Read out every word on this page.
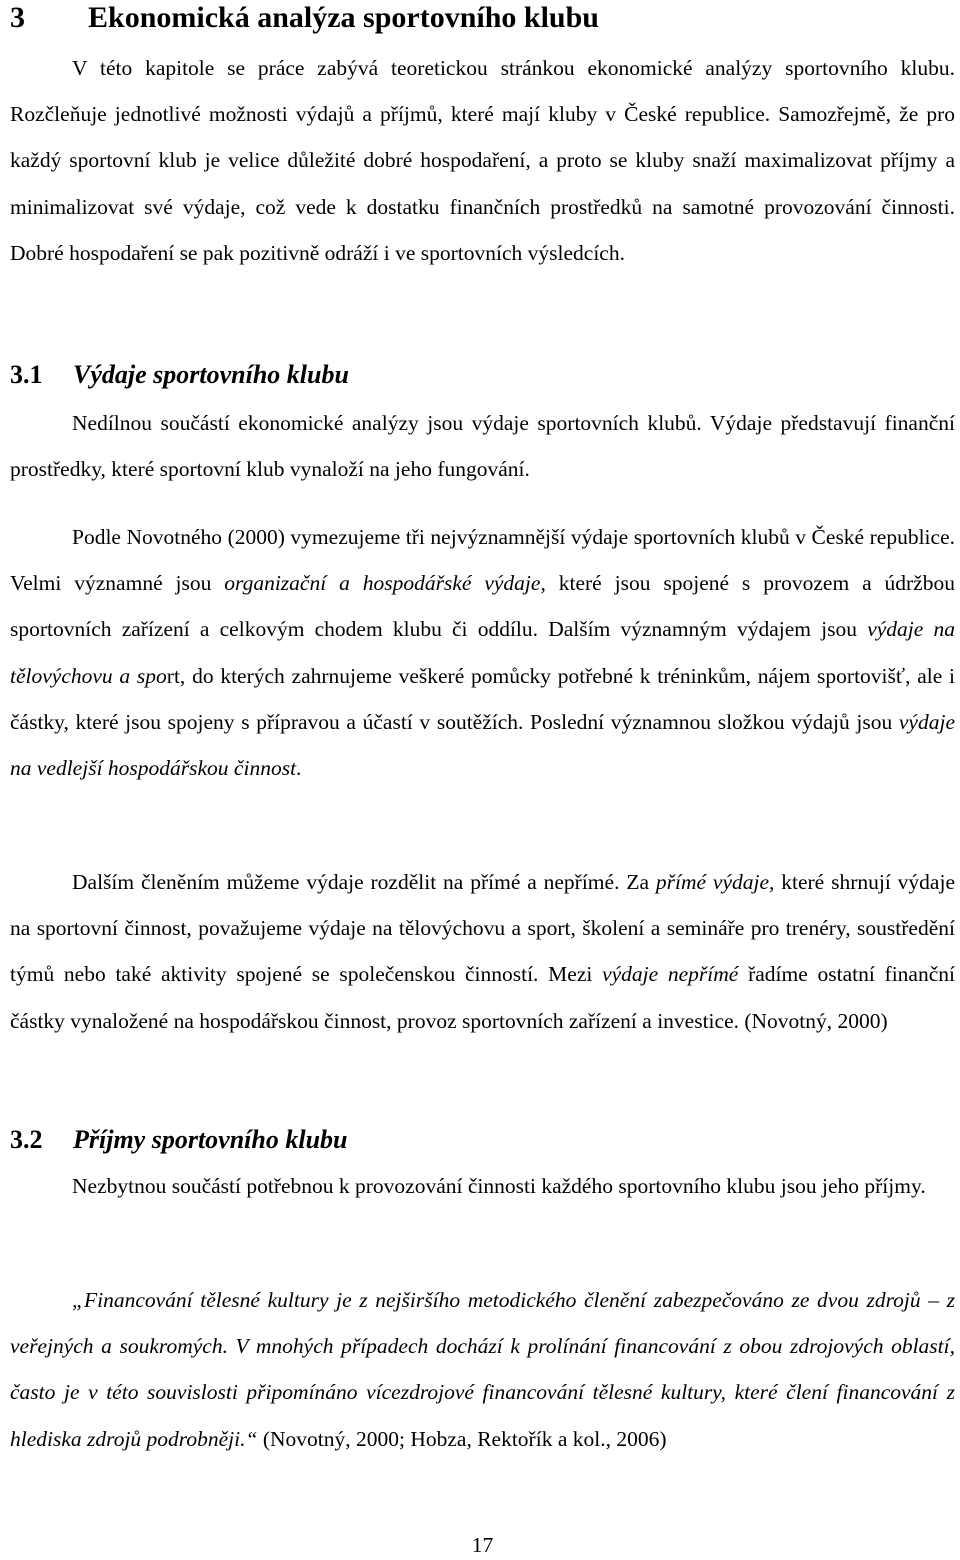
3 Ekonomická analýza sportovního klubu

V této kapitole se práce zabývá teoretickou stránkou ekonomické analýzy sportovního klubu. Rozčleňuje jednotlivé možnosti výdajů a příjmů, které mají kluby v České republice. Samozřejmě, že pro každý sportovní klub je velice důležité dobré hospodaření, a proto se kluby snaží maximalizovat příjmy a minimalizovat své výdaje, což vede k dostatku finančních prostředků na samotné provozování činnosti. Dobré hospodaření se pak pozitivně odráží i ve sportovních výsledcích.

3.1 Výdaje sportovního klubu

Nedílnou součástí ekonomické analýzy jsou výdaje sportovních klubů. Výdaje představují finanční prostředky, které sportovní klub vynaloží na jeho fungování.

Podle Novotného (2000) vymezujeme tři nejvýznamnější výdaje sportovních klubů v České republice. Velmi významné jsou organizační a hospodářské výdaje, které jsou spojené s provozem a údržbou sportovních zařízení a celkovým chodem klubu či oddílu. Dalším významným výdajem jsou výdaje na tělovýchovu a sport, do kterých zahrnujeme veškeré pomůcky potřebné k tréninkům, nájem sportovišť, ale i částky, které jsou spojeny s přípravou a účastí v soutěžích. Poslední významnou složkou výdajů jsou výdaje na vedlejší hospodářskou činnost.

Dalším členěním můžeme výdaje rozdělit na přímé a nepřímé. Za přímé výdaje, které shrnují výdaje na sportovní činnost, považujeme výdaje na tělovýchovu a sport, školení a semináře pro trenéry, soustředění týmů nebo také aktivity spojené se společenskou činností. Mezi výdaje nepřímé řadíme ostatní finanční částky vynaložené na hospodářskou činnost, provoz sportovních zařízení a investice. (Novotný, 2000)

3.2 Příjmy sportovního klubu

Nezbytnou součástí potřebnou k provozování činnosti každého sportovního klubu jsou jeho příjmy.

„Financování tělesné kultury je z nejširšího metodického členění zabezpečováno ze dvou zdrojů – z veřejných a soukromých. V mnohých případech dochází k prolínání financování z obou zdrojových oblastí, často je v této souvislosti připomínáno vícezdrojové financování tělesné kultury, které člení financování z hlediska zdrojů podrobněji.“ (Novotný, 2000; Hobza, Rektořík a kol., 2006)

17
